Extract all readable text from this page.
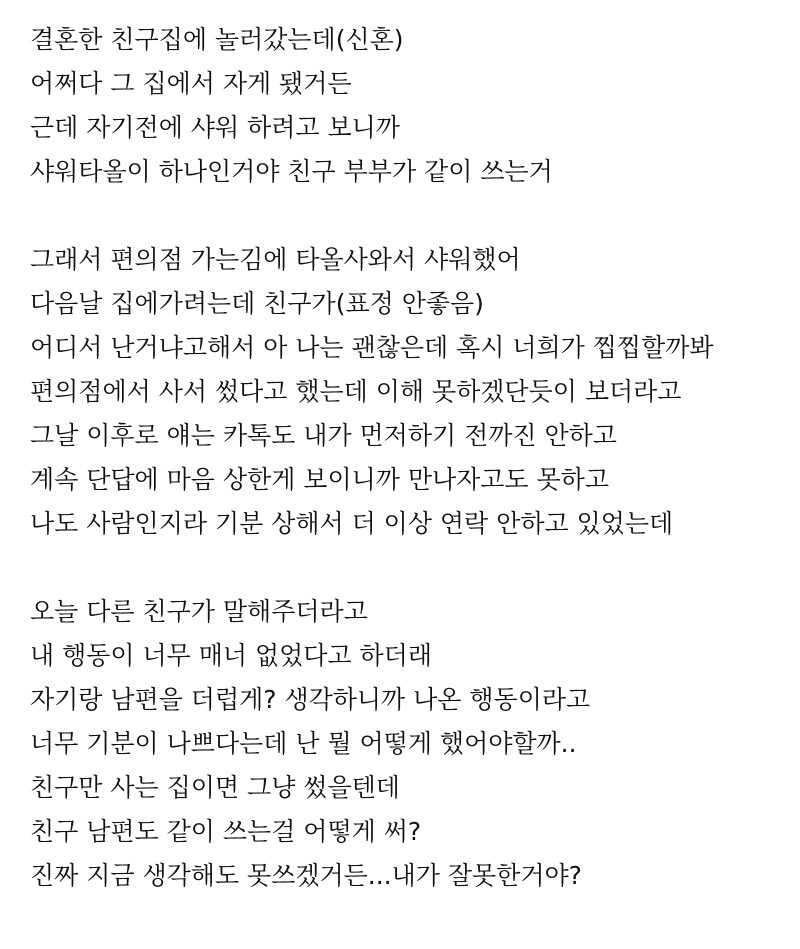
결혼한 친구집에 놀러갔는데(신혼)
어쩌다 그 집에서 자게 됐거든
근데 자기전에 샤워 하려고 보니까
샤워타올이 하나인거야 친구 부부가 같이 쓰는거
그래서 편의점 가는김에 타올사와서 샤워했어
다음날 집에가려는데 친구가(표정 안좋음)
어디서 난거냐고해서 아 나는 괜찮은데 혹시 너희가 찝찝할까봐
편의점에서 사서 썼다고 했는데 이해 못하겠단듯이 보더라고
그날 이후로 얘는 카톡도 내가 먼저하기 전까진 안하고
계속 단답에 마음 상한게 보이니까 만나자고도 못하고
나도 사람인지라 기분 상해서 더 이상 연락 안하고 있었는데
오늘 다른 친구가 말해주더라고
내 행동이 너무 매너 없었다고 하더래
자기랑 남편을 더럽게? 생각하니까 나온 행동이라고
너무 기분이 나쁘다는데 난 뭘 어떻게 했어야할까..
친구만 사는 집이면 그냥 썼을텐데
친구 남편도 같이 쓰는걸 어떻게 써?
진짜 지금 생각해도 못쓰겠거든...내가 잘못한거야?
